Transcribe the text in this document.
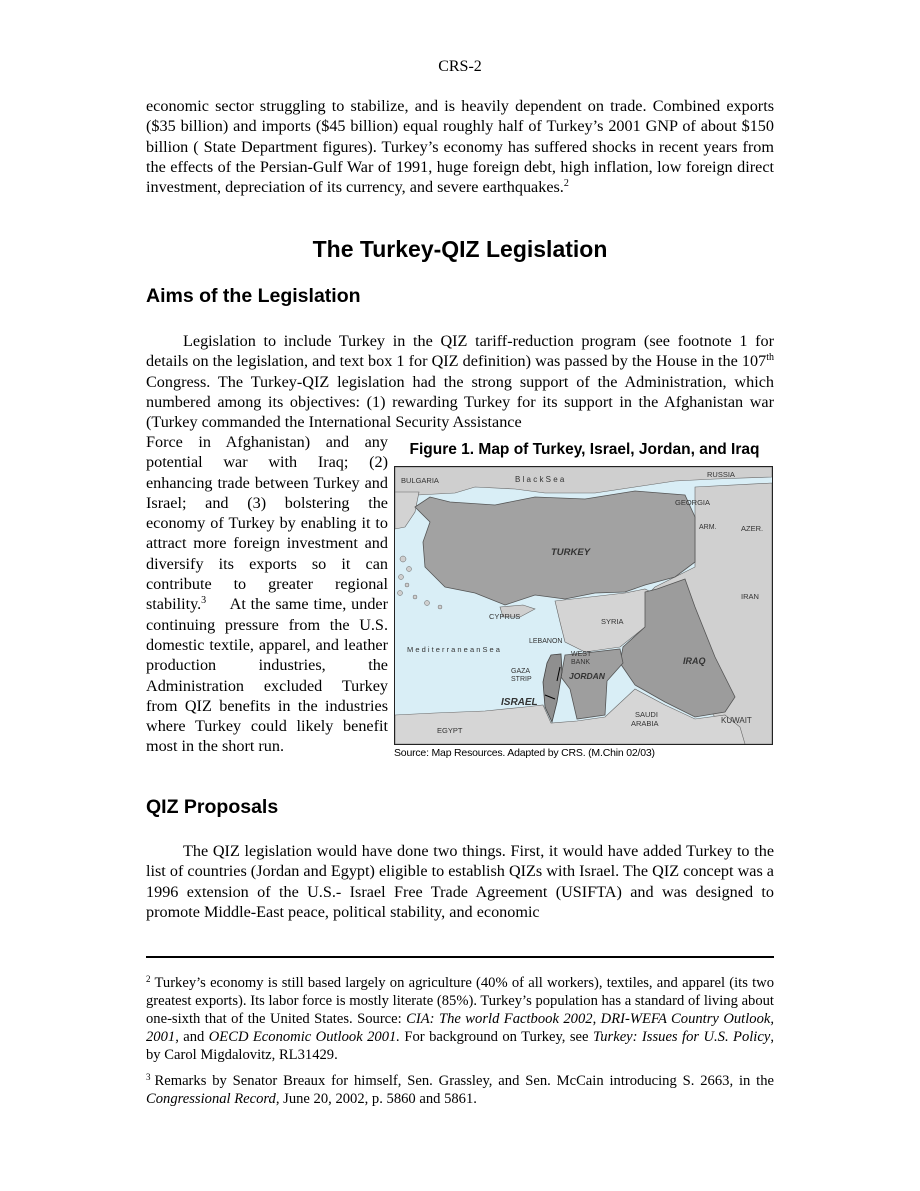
CRS-2

economic sector struggling to stabilize, and is heavily dependent on trade. Combined exports ($35 billion) and imports ($45 billion) equal roughly half of Turkey’s 2001 GNP of about $150 billion ( State Department figures). Turkey’s economy has suffered shocks in recent years from the effects of the Persian-Gulf War of 1991, huge foreign debt, high inflation, low foreign direct investment, depreciation of its currency, and severe earthquakes.$^2$

The Turkey-QIZ Legislation
Aims of the Legislation

Legislation to include Turkey in the QIZ tariff-reduction program (see footnote 1 for details on the legislation, and text box 1 for QIZ definition) was passed by the House in the 107th Congress. The Turkey-QIZ legislation had the strong support of the Administration, which numbered among its objectives: (1) rewarding Turkey for its support in the Afghanistan war (Turkey commanded the International Security Assistance

Force in Afghanistan) and any potential war with Iraq; (2) enhancing trade between Turkey and Israel; and (3) bolstering the economy of Turkey by enabling it to attract more foreign investment and diversify its exports so it can contribute to greater regional stability.$^3$ At the same time, under continuing pressure from the U.S. domestic textile, apparel, and leather production industries, the Administration excluded Turkey from QIZ benefits in the industries where Turkey could likely benefit most in the short run.

Figure 1. Map of Turkey, Israel, Jordan, and Iraq
BULGARIA	B l a c k S e a
RUSSIA
GEORGIA
ARM.	AZER.
TURKEY
IRAN
CYPRUS
SYRIA
LEBANON
M e d i t e r r a n e a n S e a
WEST
BANK	IRAQ
GAZA
STRIP	JORDAN
ISRAEL
SAUDI
ARABIA	KUWAIT
EGYPT
Source: Map Resources. Adapted by CRS. (M.Chin 02/03)
QIZ Proposals

The QIZ legislation would have done two things. First, it would have added Turkey to the list of countries (Jordan and Egypt) eligible to establish QIZs with Israel. The QIZ concept was a 1996 extension of the U.S.- Israel Free Trade Agreement (USIFTA) and was designed to promote Middle-East peace, political stability, and economic

$^2$ Turkey’s economy is still based largely on agriculture (40% of all workers), textiles, and apparel (its two greatest exports). Its labor force is mostly literate (85%). Turkey’s population has a standard of living about one-sixth that of the United States. Source: CIA: The world Factbook 2002, DRI-WEFA Country Outlook, 2001, and OECD Economic Outlook 2001. For background on Turkey, see Turkey: Issues for U.S. Policy, by Carol Migdalovitz, RL31429.

$^3$ Remarks by Senator Breaux for himself, Sen. Grassley, and Sen. McCain introducing S. 2663, in the Congressional Record, June 20, 2002, p. 5860 and 5861.
